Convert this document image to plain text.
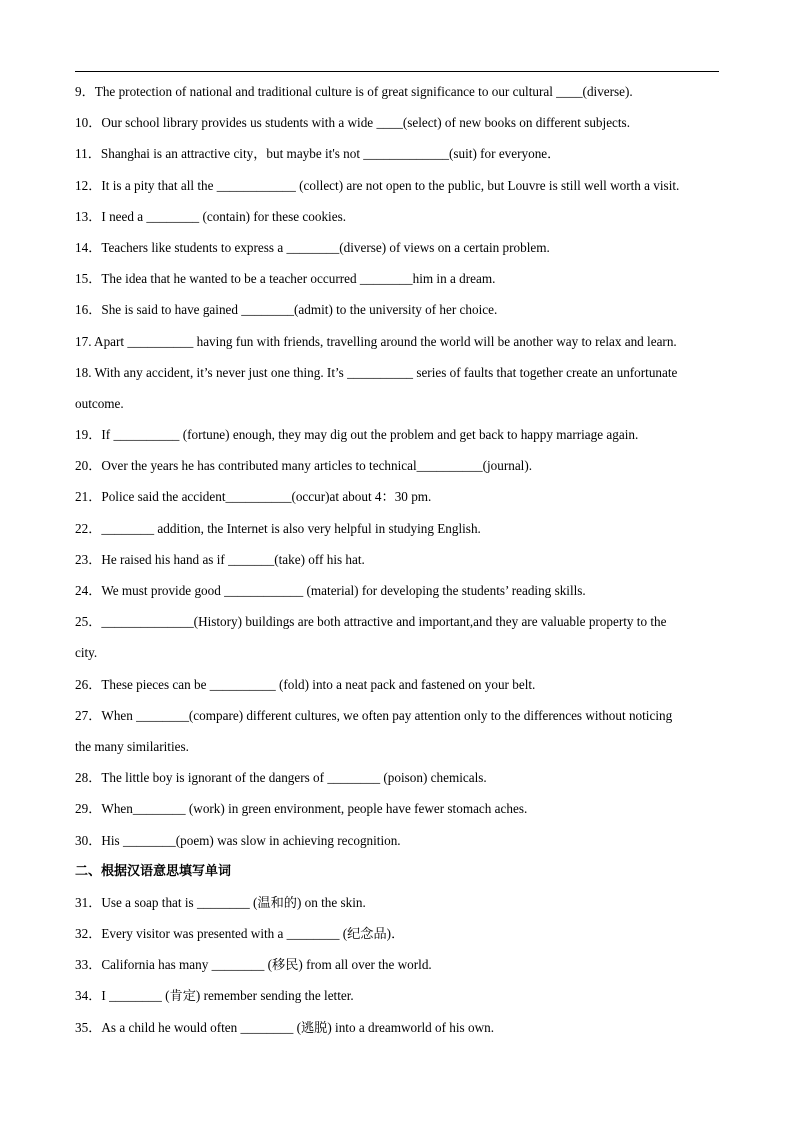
9．The protection of national and traditional culture is of great significance to our cultural ____(diverse).
10．Our school library provides us students with a wide ____(select) of new books on different subjects.
11．Shanghai is an attractive city，but maybe it's not _____________(suit) for everyone．
12．It is a pity that all the ____________ (collect) are not open to the public, but Louvre is still well worth a visit.
13．I need a ________ (contain) for these cookies.
14．Teachers like students to express a ________(diverse) of views on a certain problem.
15．The idea that he wanted to be a teacher occurred ________him in a dream.
16．She is said to have gained ________(admit) to the university of her choice.
17. Apart __________ having fun with friends, travelling around the world will be another way to relax and learn.
18. With any accident, it’s never just one thing. It’s __________ series of faults that together create an unfortunate
outcome.
19．If __________ (fortune) enough, they may dig out the problem and get back to happy marriage again.
20．Over the years he has contributed many articles to technical__________(journal).
21．Police said the accident__________(occur)at about 4：30 pm.
22．________ addition, the Internet is also very helpful in studying English.
23．He raised his hand as if _______(take) off his hat.
24．We must provide good ____________ (material) for developing the students’ reading skills.
25．______________(History) buildings are both attractive and important,and they are valuable property to the
city.
26．These pieces can be __________ (fold) into a neat pack and fastened on your belt.
27．When ________(compare) different cultures, we often pay attention only to the differences without noticing
the many similarities.
28．The little boy is ignorant of the dangers of ________ (poison) chemicals.
29．When________ (work) in green environment, people have fewer stomach aches.
30．His ________(poem) was slow in achieving recognition.
二、根据汉语意思填写单词
31．Use a soap that is ________ (温和的) on the skin.
32．Every visitor was presented with a ________ (纪念品)．
33．California has many ________ (移民) from all over the world.
34．I ________ (肯定) remember sending the letter.
35．As a child he would often ________ (逃脱) into a dreamworld of his own.
